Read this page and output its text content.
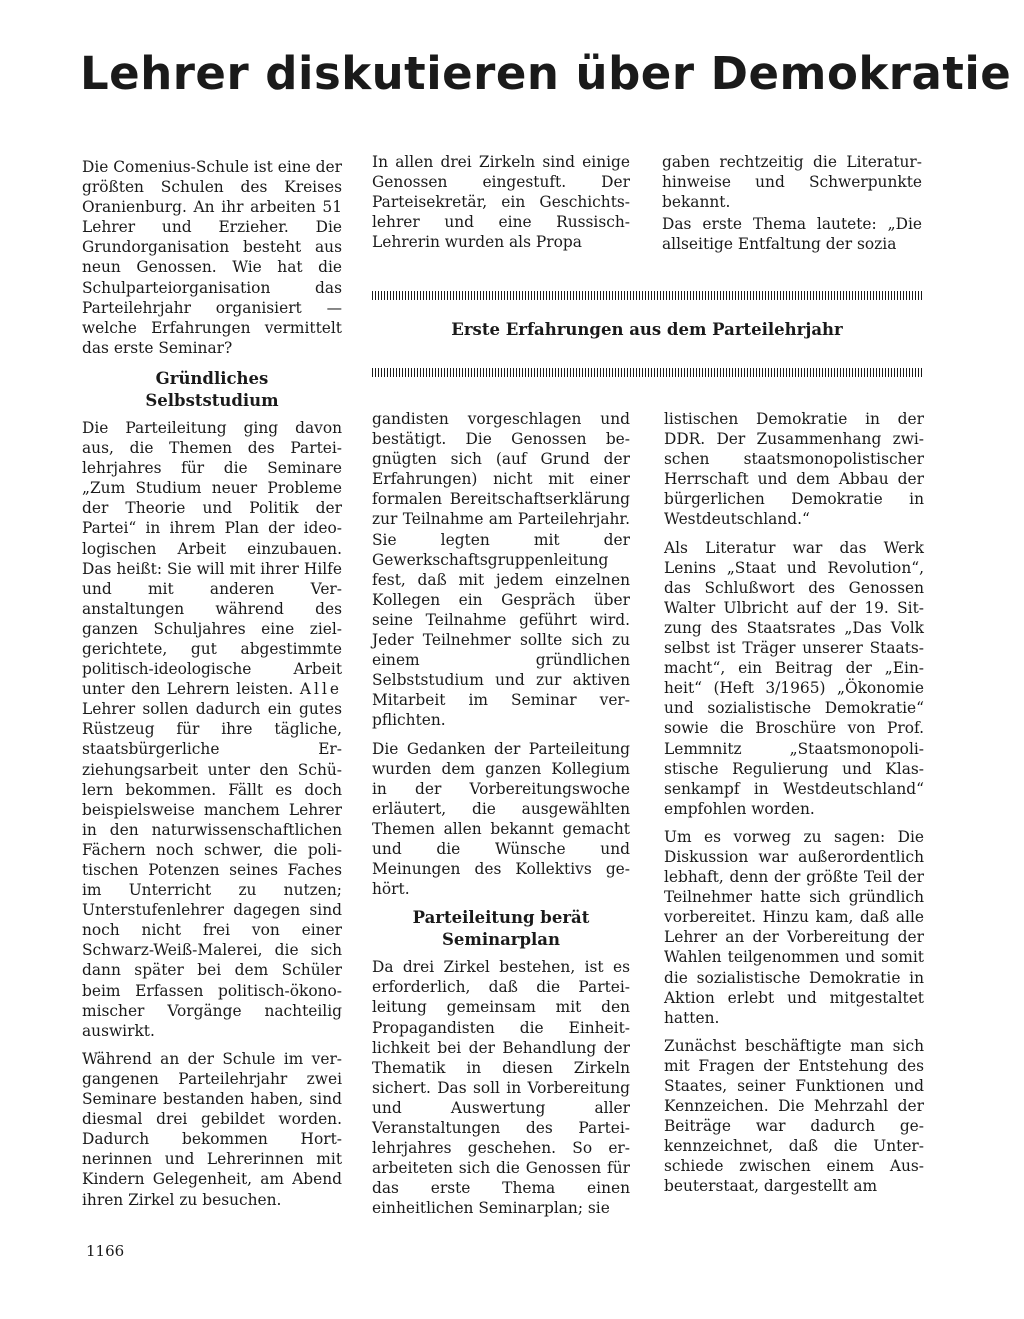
Lehrer diskutieren über Demokratie

Die Comenius-Schule ist eine der größten Schulen des Kreises Oranienburg. An ihr arbeiten 51 Lehrer und Erzieher. Die Grundorganisation besteht aus neun Genossen. Wie hat die Schulparteiorganisation das Parteilehrjahr organisiert — welche Erfahrungen vermittelt das erste Seminar?

Gründliches
Selbststudium

Die Parteileitung ging davon aus, die Themen des Parteilehrjahres für die Seminare „Zum Studium neuer Probleme der Theorie und Politik der Partei“ in ihrem Plan der ideologischen Arbeit einzubauen. Das heißt: Sie will mit ihrer Hilfe und mit anderen Veranstaltungen während des ganzen Schuljahres eine zielgerichtete, gut abgestimmte politisch-ideologische Arbeit unter den Lehrern leisten. Alle Lehrer sollen dadurch ein gutes Rüstzeug für ihre tägliche, staatsbürgerliche Erziehungsarbeit unter den Schülern bekommen. Fällt es doch beispielsweise manchem Lehrer in den naturwissenschaftlichen Fächern noch schwer, die politischen Potenzen seines Faches im Unterricht zu nutzen; Unterstufenlehrer dagegen sind noch nicht frei von einer Schwarz-Weiß-Malerei, die sich dann später bei dem Schüler beim Erfassen politisch-ökonomischer Vorgänge nachteilig auswirkt.

Während an der Schule im vergangenen Parteilehrjahr zwei Seminare bestanden haben, sind diesmal drei gebildet worden. Dadurch bekommen Hortnerinnen und Lehrerinnen mit Kindern Gelegenheit, am Abend ihren Zirkel zu besuchen.

In allen drei Zirkeln sind einige Genossen eingestuft. Der Parteisekretär, ein Geschichtslehrer und eine RussischLehrerin wurden als Propa

gaben rechtzeitig die Literaturhinweise und Schwerpunkte bekannt.

Das erste Thema lautete: „Die allseitige Entfaltung der sozia

Erste Erfahrungen aus dem Parteilehrjahr

gandisten vorgeschlagen und bestätigt. Die Genossen begnügten sich (auf Grund der Erfahrungen) nicht mit einer formalen Bereitschaftserklärung zur Teilnahme am Parteilehrjahr. Sie legten mit der Gewerkschaftsgruppenleitung fest, daß mit jedem einzelnen Kollegen ein Gespräch über seine Teilnahme geführt wird. Jeder Teilnehmer sollte sich zu einem gründlichen Selbststudium und zur aktiven Mitarbeit im Seminar verpflichten.

Die Gedanken der Parteileitung wurden dem ganzen Kollegium in der Vorbereitungswoche erläutert, die ausgewählten Themen allen bekannt gemacht und die Wünsche und Meinungen des Kollektivs gehört.

Parteileitung berät
Seminarplan

Da drei Zirkel bestehen, ist es erforderlich, daß die Parteileitung gemeinsam mit den Propagandisten die Einheitlichkeit bei der Behandlung der Thematik in diesen Zirkeln sichert. Das soll in Vorbereitung und Auswertung aller Veranstaltungen des Parteilehrjahres geschehen. So erarbeiteten sich die Genossen für das erste Thema einen einheitlichen Seminarplan; sie

listischen Demokratie in der DDR. Der Zusammenhang zwischen staatsmonopolistischer Herrschaft und dem Abbau der bürgerlichen Demokratie in Westdeutschland.“

Als Literatur war das Werk Lenins „Staat und Revolution“, das Schlußwort des Genossen Walter Ulbricht auf der 19. Sitzung des Staatsrates „Das Volk selbst ist Träger unserer Staatsmacht“, ein Beitrag der „Einheit“ (Heft 3/1965) „Ökonomie und sozialistische Demokratie“ sowie die Broschüre von Prof. Lemmnitz „Staatsmonopolistische Regulierung und Klassenkampf in Westdeutschland“ empfohlen worden.

Um es vorweg zu sagen: Die Diskussion war außerordentlich lebhaft, denn der größte Teil der Teilnehmer hatte sich gründlich vorbereitet. Hinzu kam, daß alle Lehrer an der Vorbereitung der Wahlen teilgenommen und somit die sozialistische Demokratie in Aktion erlebt und mitgestaltet hatten.

Zunächst beschäftigte man sich mit Fragen der Entstehung des Staates, seiner Funktionen und Kennzeichen. Die Mehrzahl der Beiträge war dadurch gekennzeichnet, daß die Unterschiede zwischen einem Ausbeuterstaat, dargestellt am

1166
